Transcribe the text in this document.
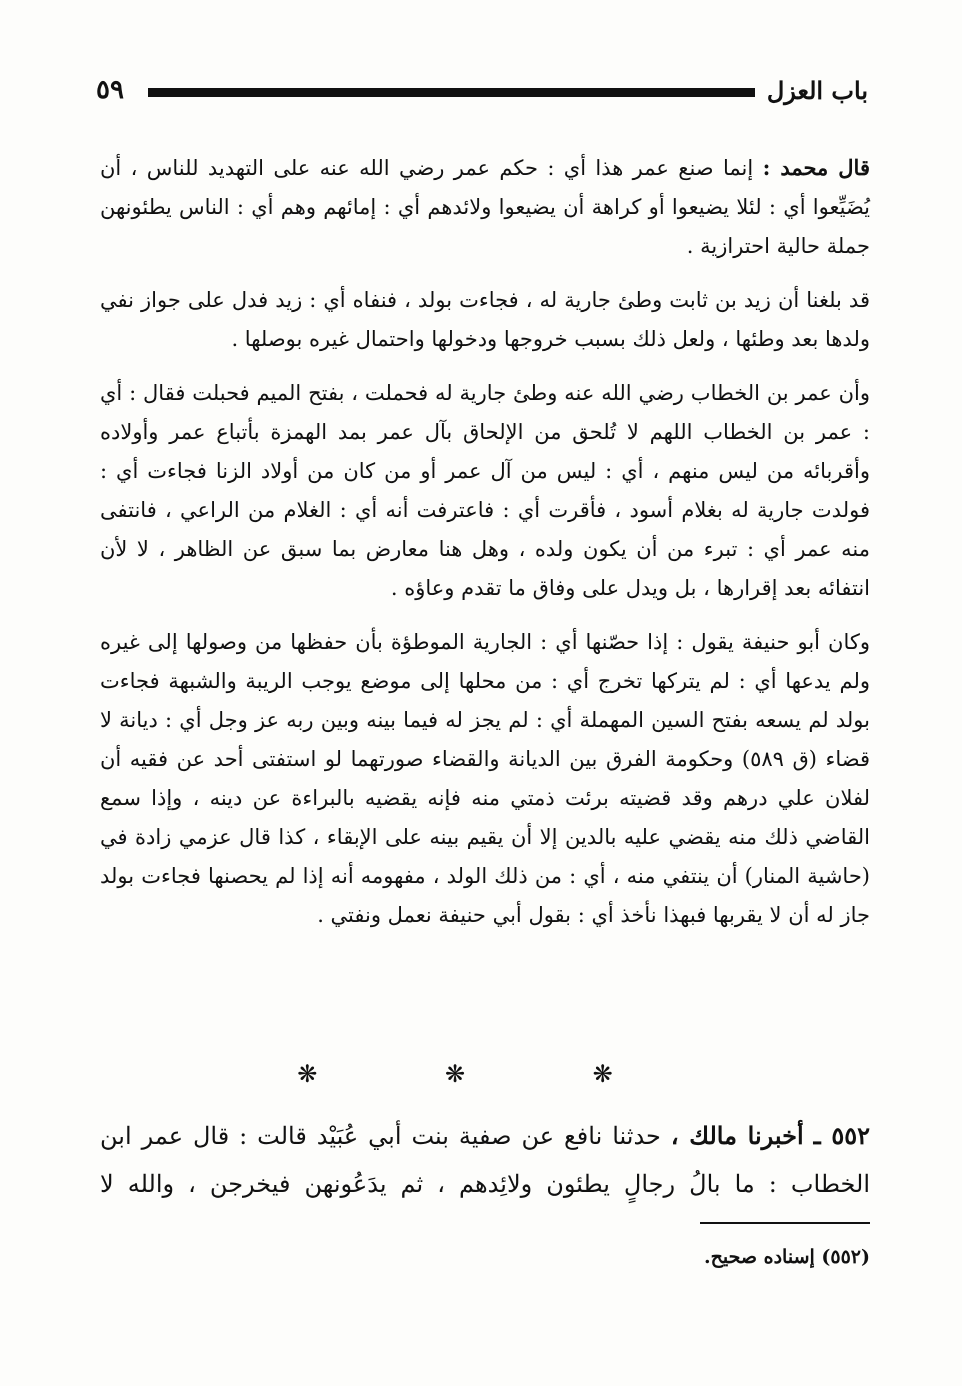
٥٩	باب العزل

قال محمد : إنما صنع عمر هذا أي : حكم عمر رضي الله عنه على التهديد للناس ، أن يُضَيِّعوا أي : لئلا يضيعوا أو كراهة أن يضيعوا ولائدهم أي : إمائهم وهم أي : الناس يطئونهن جملة حالية احترازية .

قد بلغنا أن زيد بن ثابت وطئ جارية له ، فجاءت بولد ، فنفاه أي : زيد فدل على جواز نفي ولدها بعد وطئها ، ولعل ذلك بسبب خروجها ودخولها واحتمال غيره بوصلها .

وأن عمر بن الخطاب رضي الله عنه وطئ جارية له فحملت ، بفتح الميم فحبلت فقال : أي : عمر بن الخطاب اللهم لا تُلحق من الإلحاق بآل عمر بمد الهمزة بأتباع عمر وأولاده وأقربائه من ليس منهم ، أي : ليس من آل عمر أو من كان من أولاد الزنا فجاءت أي : فولدت جارية له بغلام أسود ، فأقرت أي : فاعترفت أنه أي : الغلام من الراعي ، فانتفى منه عمر أي : تبرء من أن يكون ولده ، وهل هنا معارض بما سبق عن الظاهر ، لا لأن انتفائه بعد إقرارها ، بل ويدل على وفاق ما تقدم وعاؤه .

وكان أبو حنيفة يقول : إذا حصّنها أي : الجارية الموطؤة بأن حفظها من وصولها إلى غيره ولم يدعها أي : لم يتركها تخرج أي : من محلها إلى موضع يوجب الريبة والشبهة فجاءت بولد لم يسعه بفتح السين المهملة أي : لم يجز له فيما بينه وبين ربه عز وجل أي : ديانة لا قضاء (ق ٥٨٩) وحكومة الفرق بين الديانة والقضاء صورتهما لو استفتى أحد عن فقيه أن لفلان علي درهم وقد قضيته برئت ذمتي منه فإنه يقضيه بالبراءة عن دينه ، وإذا سمع القاضي ذلك منه يقضي عليه بالدين إلا أن يقيم بينه على الإبقاء ، كذا قال عزمي زادة في (حاشية المنار) أن ينتفي منه ، أي : من ذلك الولد ، مفهومه أنه إذا لم يحصنها فجاءت بولد جاز له أن لا يقربها فبهذا نأخذ أي : بقول أبي حنيفة نعمل ونفتي .

❋ ❋ ❋
٥٥٢ ـ أخبرنا مالك ، حدثنا نافع عن صفية بنت أبي عُبَيْد قالت : قال عمر ابن الخطاب : ما بالُ رجالٍ يطئون ولائِدهم ، ثم يدَعُونهن فيخرجن ، والله لا
(٥٥٢) إسناده صحيح.
